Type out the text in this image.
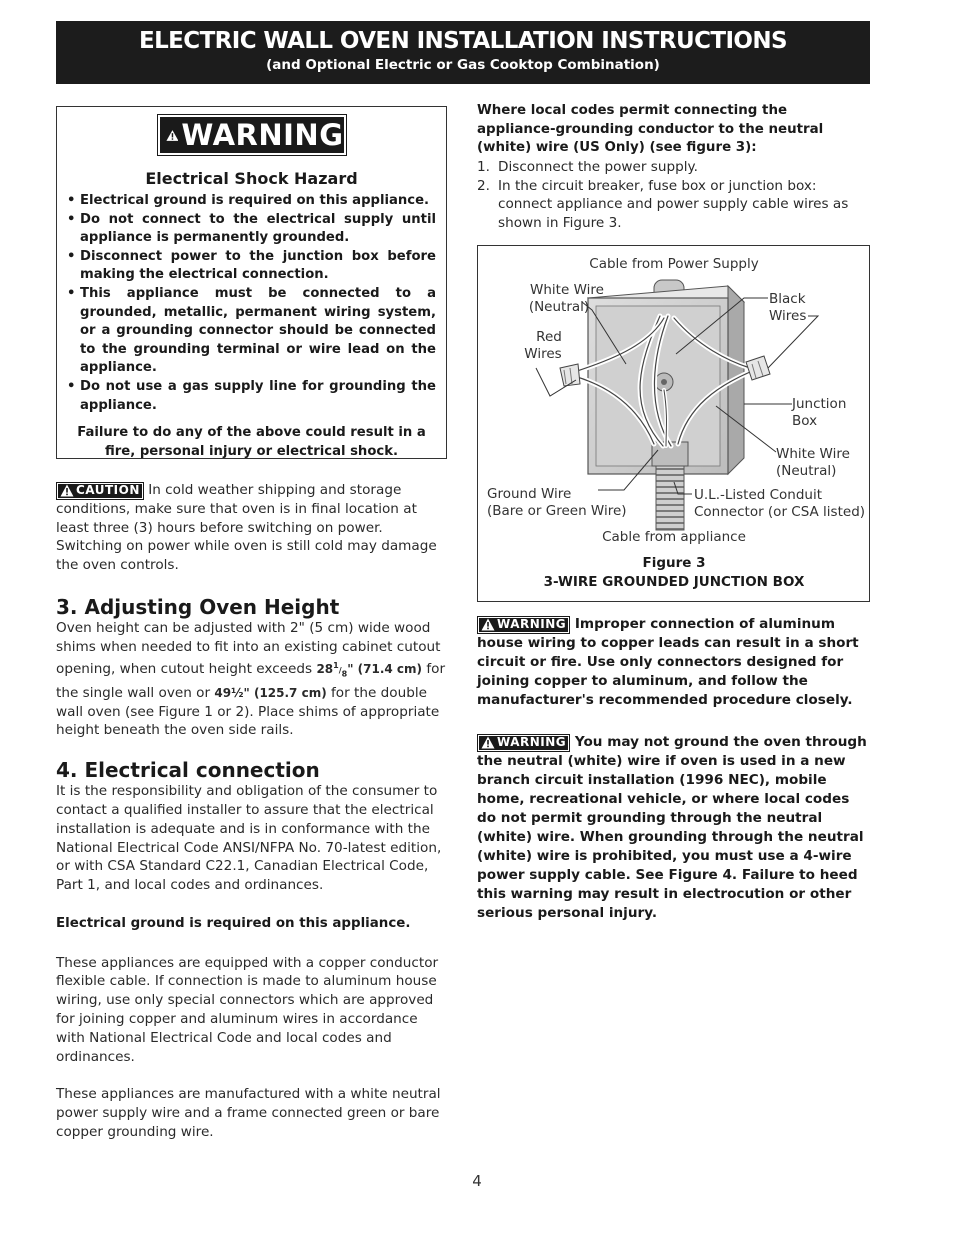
ELECTRIC WALL OVEN INSTALLATION INSTRUCTIONS
(and Optional Electric or Gas Cooktop Combination)
WARNING
Electrical Shock Hazard
• Electrical ground is required on this appliance.
• Do not connect to the electrical supply until appliance is permanently grounded.
• Disconnect power to the junction box before making the electrical connection.
• This appliance must be connected to a grounded, metallic, permanent wiring system, or a grounding connector should be connected to the grounding terminal or wire lead on the appliance.
• Do not use a gas supply line for grounding the appliance.
Failure to do any of the above could result in a fire, personal injury or electrical shock.
CAUTION In cold weather shipping and storage conditions, make sure that oven is in final location at least three (3) hours before switching on power. Switching on power while oven is still cold may damage the oven controls.
3. Adjusting Oven Height
Oven height can be adjusted with 2" (5 cm) wide wood shims when needed to fit into an existing cabinet cutout opening, when cutout height exceeds $28^1/_8$" (71.4 cm) for the single wall oven or 49½" (125.7 cm) for the double wall oven (see Figure 1 or 2). Place shims of appropriate height beneath the oven side rails.
4. Electrical connection
It is the responsibility and obligation of the consumer to contact a qualified installer to assure that the electrical installation is adequate and is in conformance with the National Electrical Code ANSI/NFPA No. 70-latest edition, or with CSA Standard C22.1, Canadian Electrical Code, Part 1, and local codes and ordinances.
Electrical ground is required on this appliance.
These appliances are equipped with a copper conductor flexible cable. If connection is made to aluminum house wiring, use only special connectors which are approved for joining copper and aluminum wires in accordance with National Electrical Code and local codes and ordinances.
These appliances are manufactured with a white neutral power supply wire and a frame connected green or bare copper grounding wire.
Where local codes permit connecting the appliance-grounding conductor to the neutral (white) wire (US Only) (see figure 3):
1. Disconnect the power supply.
2. In the circuit breaker, fuse box or junction box: connect appliance and power supply cable wires as shown in Figure 3.
Cable from Power Supply
White Wire
(Neutral)	Black
Wires
Red
Wires
Junction
Box
White Wire
(Neutral)
Ground Wire
(Bare or Green Wire)
U.L.-Listed Conduit
Connector (or CSA listed)
Cable from appliance
Figure 3
3-WIRE GROUNDED JUNCTION BOX
WARNING Improper connection of aluminum house wiring to copper leads can result in a short circuit or fire. Use only connectors designed for joining copper to aluminum, and follow the manufacturer's recommended procedure closely.
WARNING You may not ground the oven through the neutral (white) wire if oven is used in a new branch circuit installation (1996 NEC), mobile home, recreational vehicle, or where local codes do not permit grounding through the neutral (white) wire. When grounding through the neutral (white) wire is prohibited, you must use a 4-wire power supply cable. See Figure 4. Failure to heed this warning may result in electrocution or other serious personal injury.
4
